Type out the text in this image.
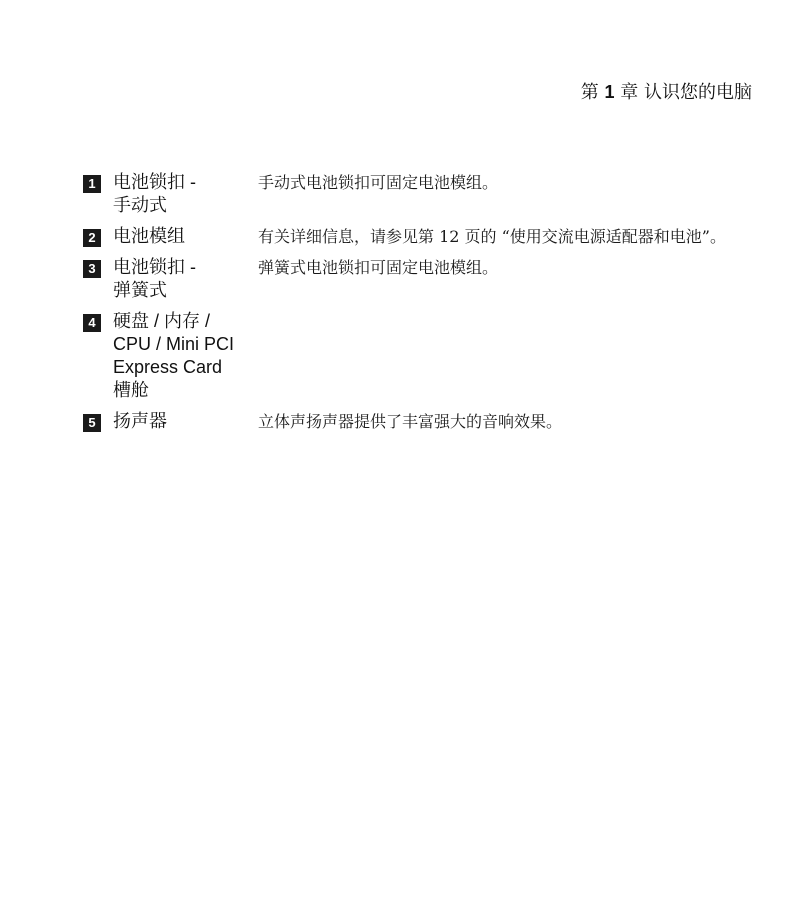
第 1 章 认识您的电脑
1 电池锁扣 -
手动式
手动式电池锁扣可固定电池模组。
2 电池模组	有关详细信息，请参见第 12 页的 “使用交流电源适配器和电池”。
3 电池锁扣 -
弹簧式
弹簧式电池锁扣可固定电池模组。
4 硬盘 / 内存 /
CPU / Mini PCI
Express Card
槽舱
5 扬声器	立体声扬声器提供了丰富强大的音响效果。
